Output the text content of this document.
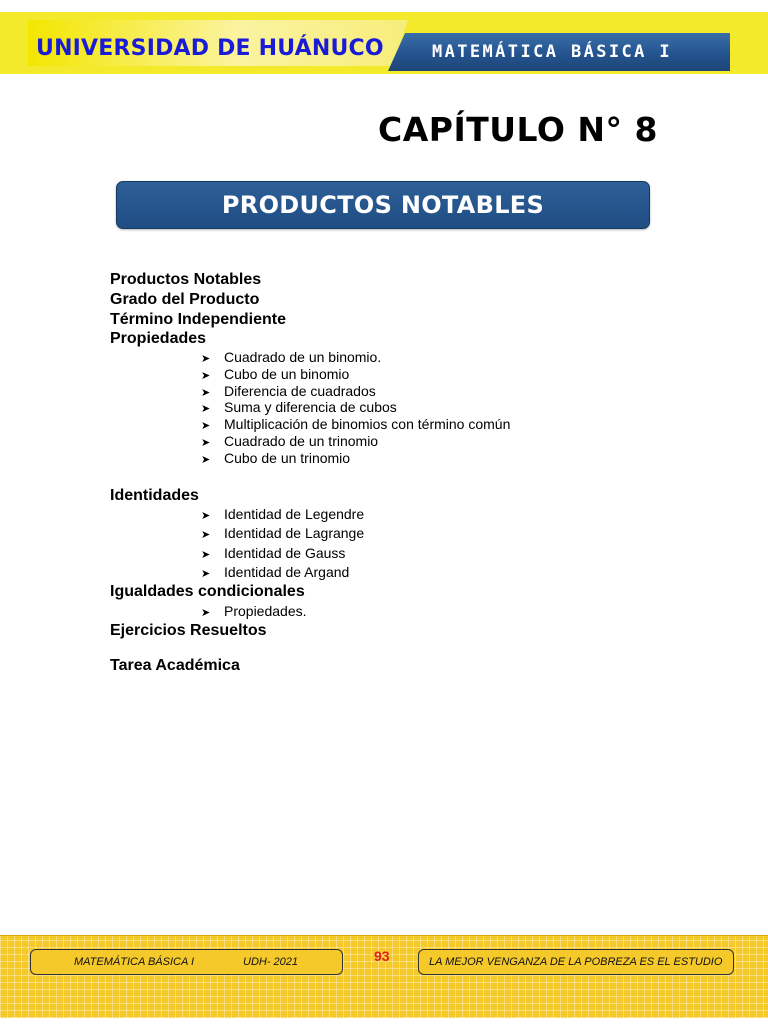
UNIVERSIDAD DE HUÁNUCO	MATEMÁTICA BÁSICA I
CAPÍTULO N° 8
PRODUCTOS NOTABLES
Productos Notables
Grado del Producto
Término Independiente
Propiedades
➤ Cuadrado de un binomio.
➤ Cubo de un binomio
➤ Diferencia de cuadrados
➤ Suma y diferencia de cubos
➤ Multiplicación de binomios con término común
➤ Cuadrado de un trinomio
➤ Cubo de un trinomio
Identidades
➤ Identidad de Legendre
➤ Identidad de Lagrange
➤ Identidad de Gauss
➤ Identidad de Argand
Igualdades condicionales
➤ Propiedades.
Ejercicios Resueltos
Tarea Académica
MATEMÁTICA BÁSICA I	UDH- 2021	93	LA MEJOR VENGANZA DE LA POBREZA ES EL ESTUDIO
